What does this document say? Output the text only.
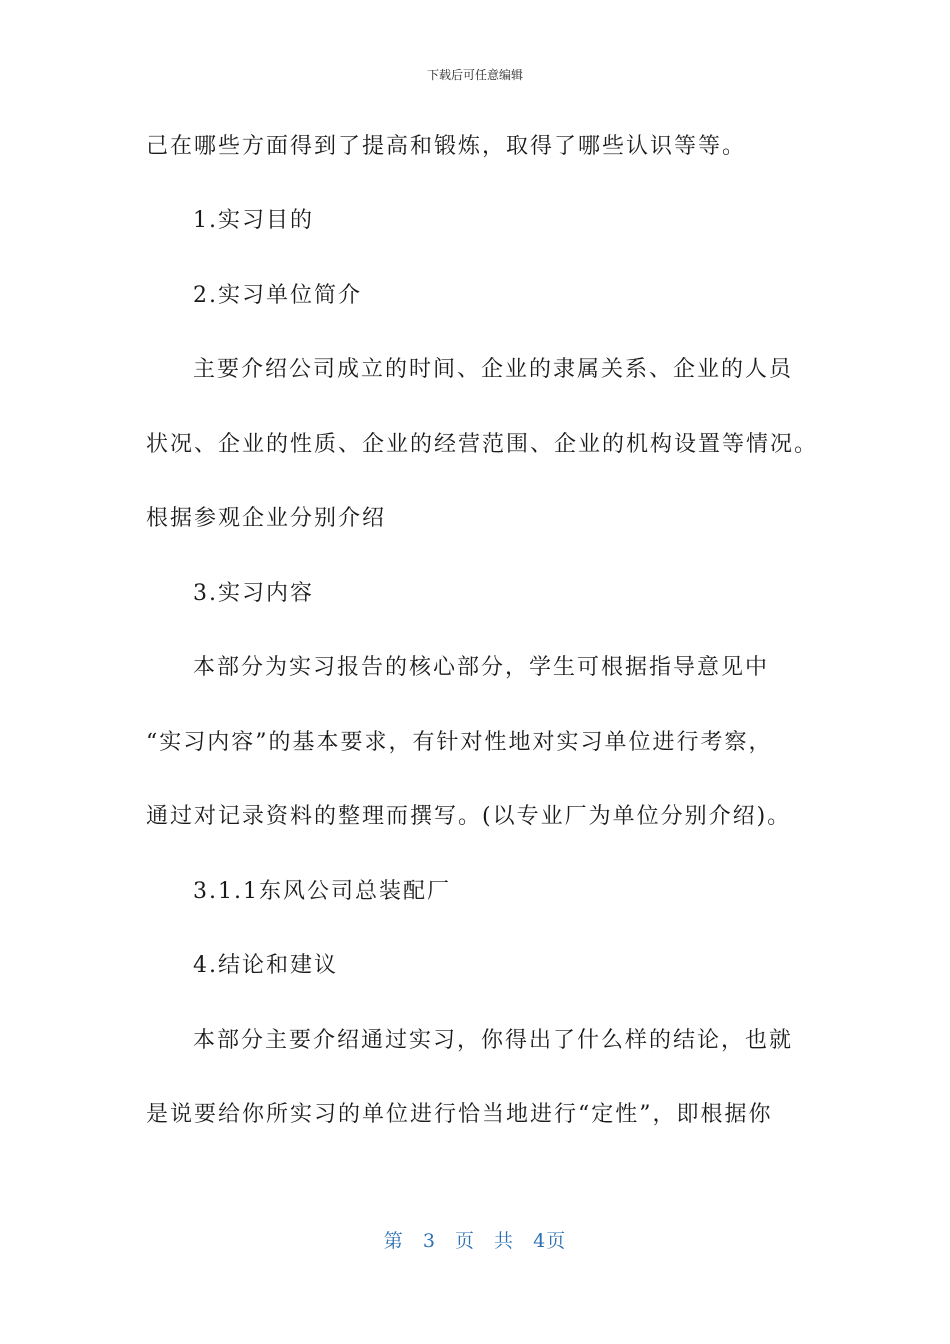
下载后可任意编辑
己在哪些方面得到了提高和锻炼，取得了哪些认识等等。
1.实习目的
2.实习单位简介
主要介绍公司成立的时间、企业的隶属关系、企业的人员
状况、企业的性质、企业的经营范围、企业的机构设置等情况。
根据参观企业分别介绍
3.实习内容
本部分为实习报告的核心部分，学生可根据指导意见中
“实习内容”的基本要求，有针对性地对实习单位进行考察，
通过对记录资料的整理而撰写。(以专业厂为单位分别介绍)。
3.1.1东风公司总装配厂
4.结论和建议
本部分主要介绍通过实习，你得出了什么样的结论，也就
是说要给你所实习的单位进行恰当地进行“定性”，即根据你
第 3 页 共 4页
